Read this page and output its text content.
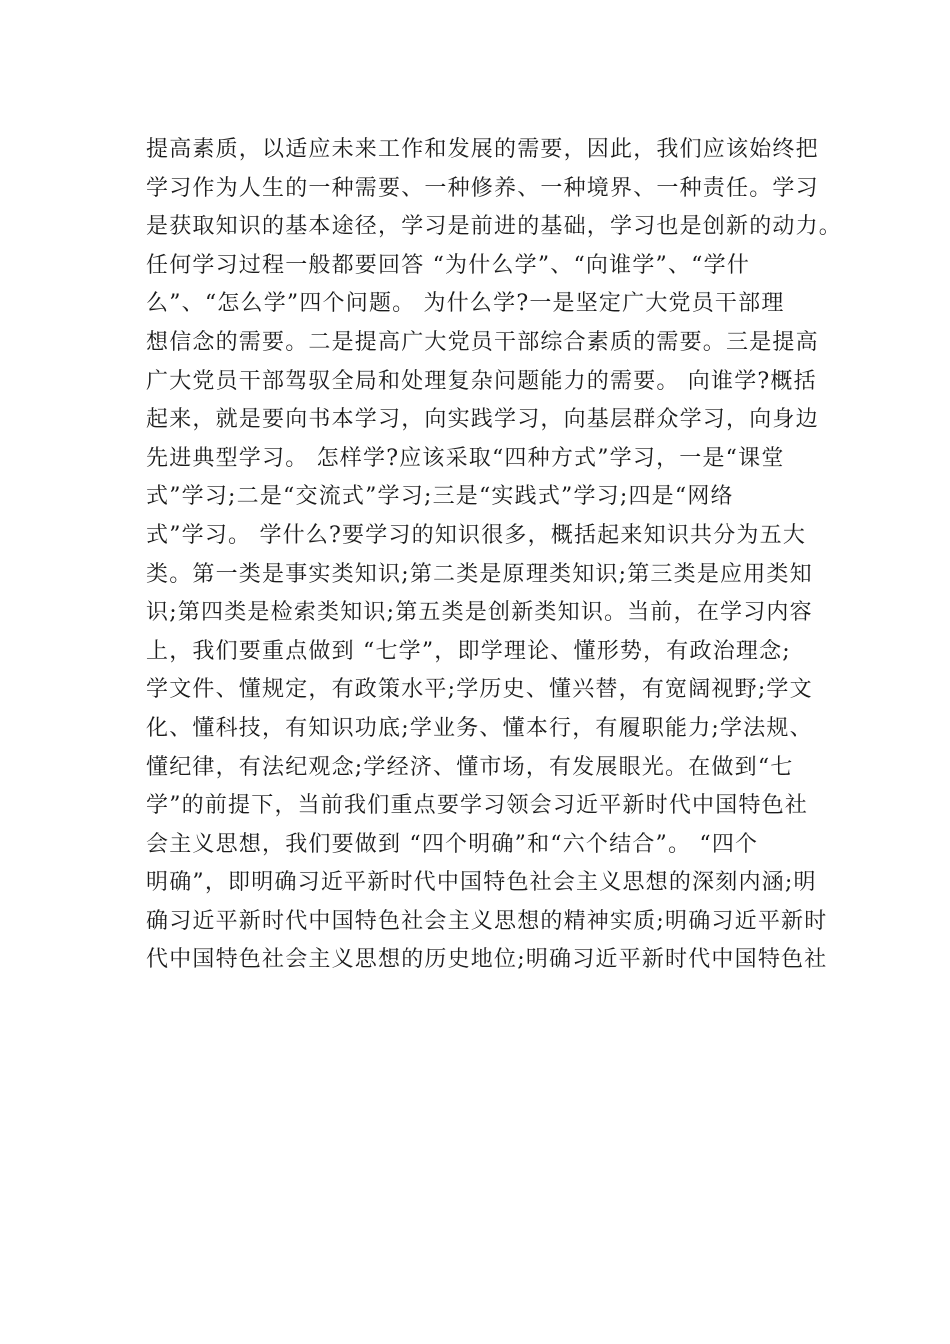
提高素质，以适应未来工作和发展的需要，因此，我们应该始终把
学习作为人生的一种需要、一种修养、一种境界、一种责任。学习
是获取知识的基本途径，学习是前进的基础，学习也是创新的动力。
任何学习过程一般都要回答 “为什么学”、“向谁学”、“学什
么”、“怎么学”四个问题。 为什么学?一是坚定广大党员干部理
想信念的需要。二是提高广大党员干部综合素质的需要。三是提高
广大党员干部驾驭全局和处理复杂问题能力的需要。 向谁学?概括
起来，就是要向书本学习，向实践学习，向基层群众学习，向身边
先进典型学习。 怎样学?应该采取“四种方式”学习，一是“课堂
式”学习;二是“交流式”学习;三是“实践式”学习;四是“网络
式”学习。 学什么?要学习的知识很多，概括起来知识共分为五大
类。第一类是事实类知识;第二类是原理类知识;第三类是应用类知
识;第四类是检索类知识;第五类是创新类知识。当前，在学习内容
上，我们要重点做到 “七学”，即学理论、懂形势，有政治理念;
学文件、懂规定，有政策水平;学历史、懂兴替，有宽阔视野;学文
化、懂科技，有知识功底;学业务、懂本行，有履职能力;学法规、
懂纪律，有法纪观念;学经济、懂市场，有发展眼光。在做到“七
学”的前提下，当前我们重点要学习领会习近平新时代中国特色社
会主义思想，我们要做到 “四个明确”和“六个结合”。 “四个
明确”，即明确习近平新时代中国特色社会主义思想的深刻内涵;明
确习近平新时代中国特色社会主义思想的精神实质;明确习近平新时
代中国特色社会主义思想的历史地位;明确习近平新时代中国特色社
